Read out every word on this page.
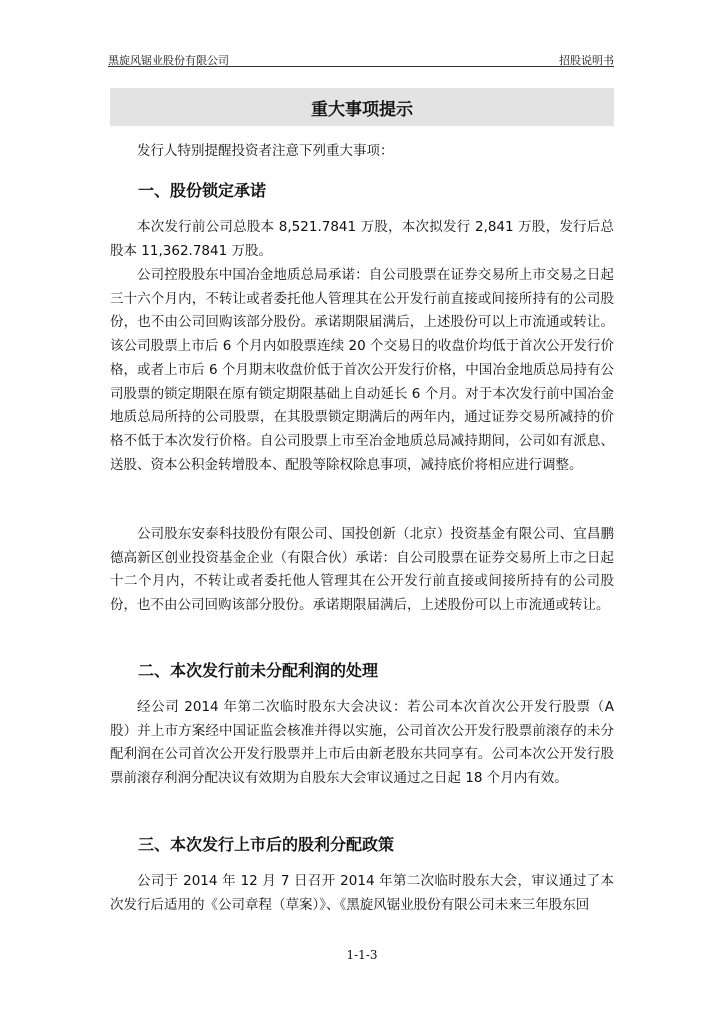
黑旋风锯业股份有限公司	招股说明书
重大事项提示
发行人特别提醒投资者注意下列重大事项：
一、股份锁定承诺
本次发行前公司总股本 8,521.7841 万股，本次拟发行 2,841 万股，发行后总股本 11,362.7841 万股。
公司控股股东中国冶金地质总局承诺：自公司股票在证券交易所上市交易之日起三十六个月内，不转让或者委托他人管理其在公开发行前直接或间接所持有的公司股份，也不由公司回购该部分股份。承诺期限届满后，上述股份可以上市流通或转让。该公司股票上市后 6 个月内如股票连续 20 个交易日的收盘价均低于首次公开发行价格，或者上市后 6 个月期末收盘价低于首次公开发行价格，中国冶金地质总局持有公司股票的锁定期限在原有锁定期限基础上自动延长 6 个月。对于本次发行前中国冶金地质总局所持的公司股票，在其股票锁定期满后的两年内，通过证券交易所减持的价格不低于本次发行价格。自公司股票上市至冶金地质总局减持期间，公司如有派息、送股、资本公积金转增股本、配股等除权除息事项，减持底价将相应进行调整。
公司股东安泰科技股份有限公司、国投创新（北京）投资基金有限公司、宜昌鹏德高新区创业投资基金企业（有限合伙）承诺：自公司股票在证券交易所上市之日起十二个月内，不转让或者委托他人管理其在公开发行前直接或间接所持有的公司股份，也不由公司回购该部分股份。承诺期限届满后，上述股份可以上市流通或转让。
二、本次发行前未分配利润的处理
经公司 2014 年第二次临时股东大会决议：若公司本次首次公开发行股票（A 股）并上市方案经中国证监会核准并得以实施，公司首次公开发行股票前滚存的未分配利润在公司首次公开发行股票并上市后由新老股东共同享有。公司本次公开发行股票前滚存利润分配决议有效期为自股东大会审议通过之日起 18 个月内有效。
三、本次发行上市后的股利分配政策
公司于 2014 年 12 月 7 日召开 2014 年第二次临时股东大会，审议通过了本次发行后适用的《公司章程（草案）》、《黑旋风锯业股份有限公司未来三年股东回
1-1-3
